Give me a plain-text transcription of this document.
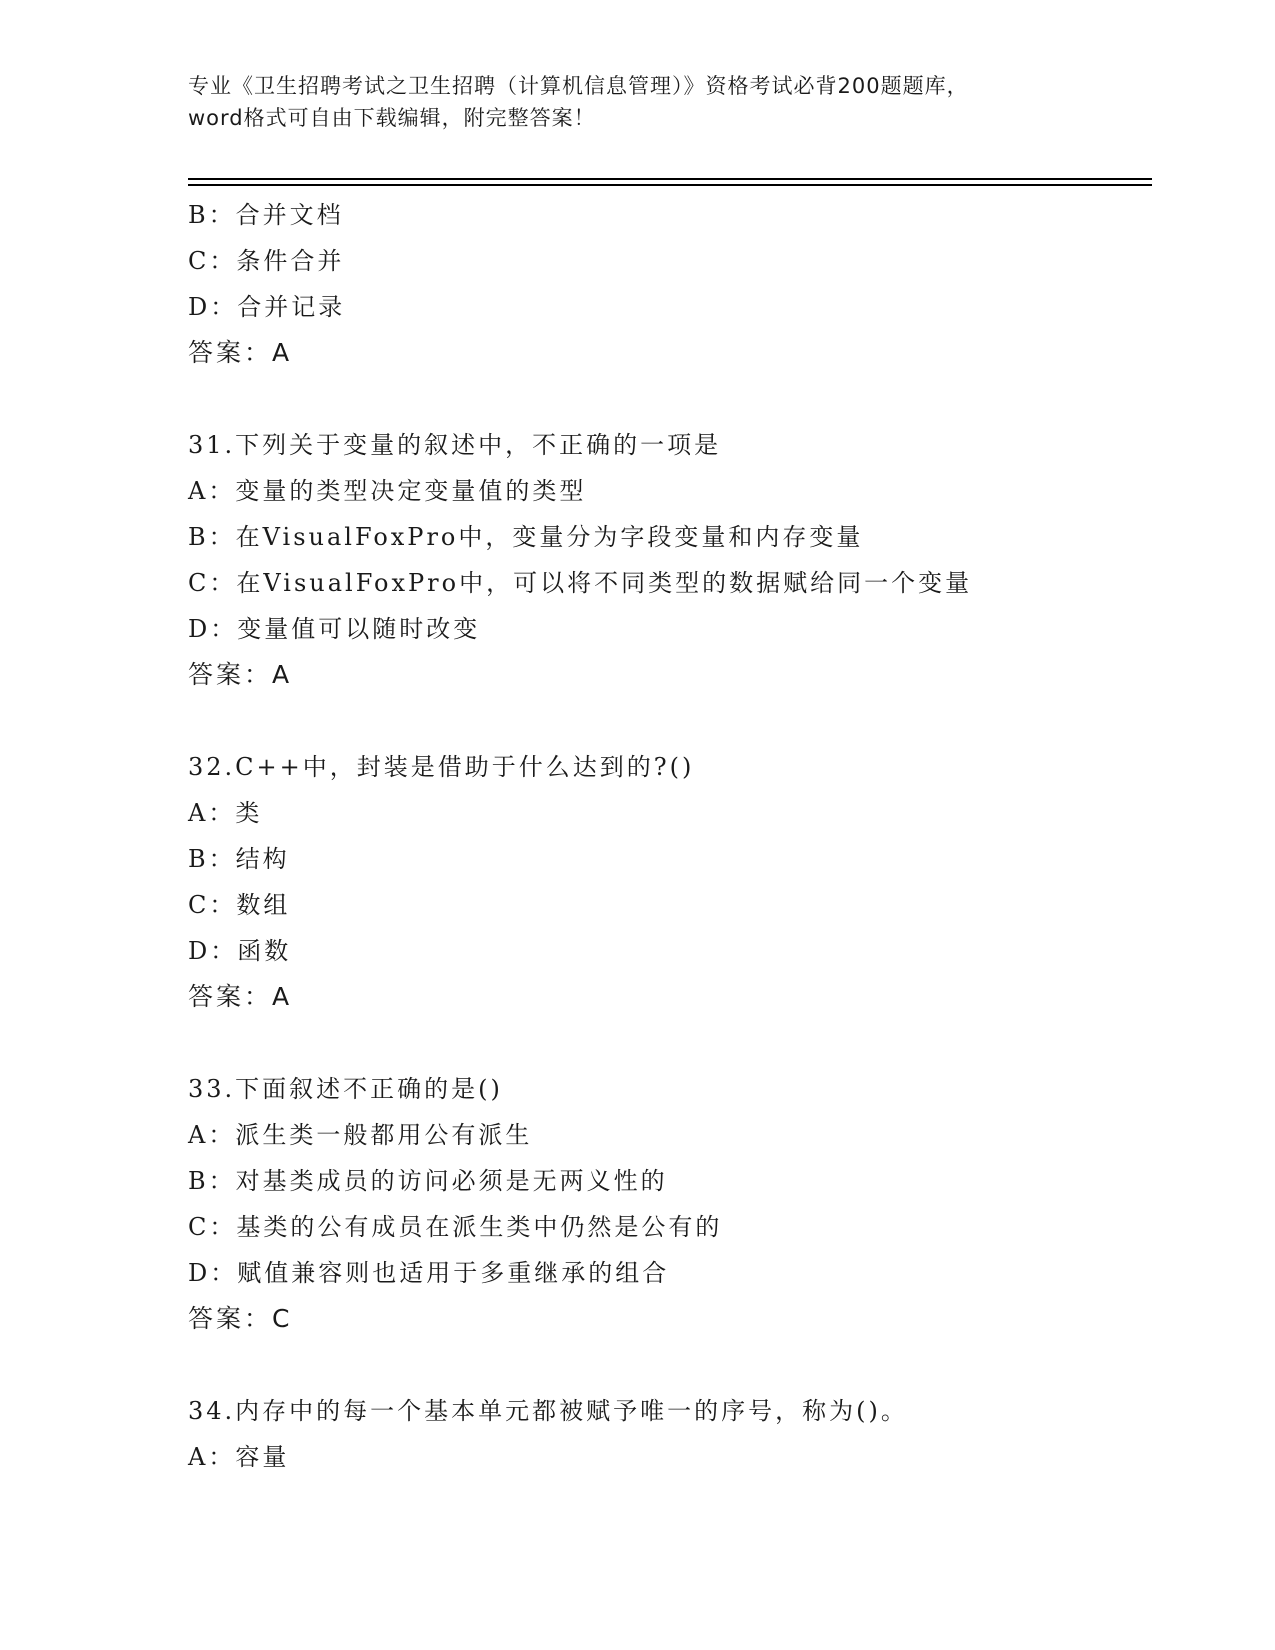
专业《卫生招聘考试之卫生招聘（计算机信息管理）》资格考试必背200题题库，
word格式可自由下载编辑，附完整答案！
B：合并文档
C：条件合并
D：合并记录
答案：A
31.下列关于变量的叙述中，不正确的一项是
A：变量的类型决定变量值的类型
B：在VisualFoxPro中，变量分为字段变量和内存变量
C：在VisualFoxPro中，可以将不同类型的数据赋给同一个变量
D：变量值可以随时改变
答案：A
32.C++中，封装是借助于什么达到的?()
A：类
B：结构
C：数组
D：函数
答案：A
33.下面叙述不正确的是()
A：派生类一般都用公有派生
B：对基类成员的访问必须是无两义性的
C：基类的公有成员在派生类中仍然是公有的
D：赋值兼容则也适用于多重继承的组合
答案：C
34.内存中的每一个基本单元都被赋予唯一的序号，称为()。
A：容量
